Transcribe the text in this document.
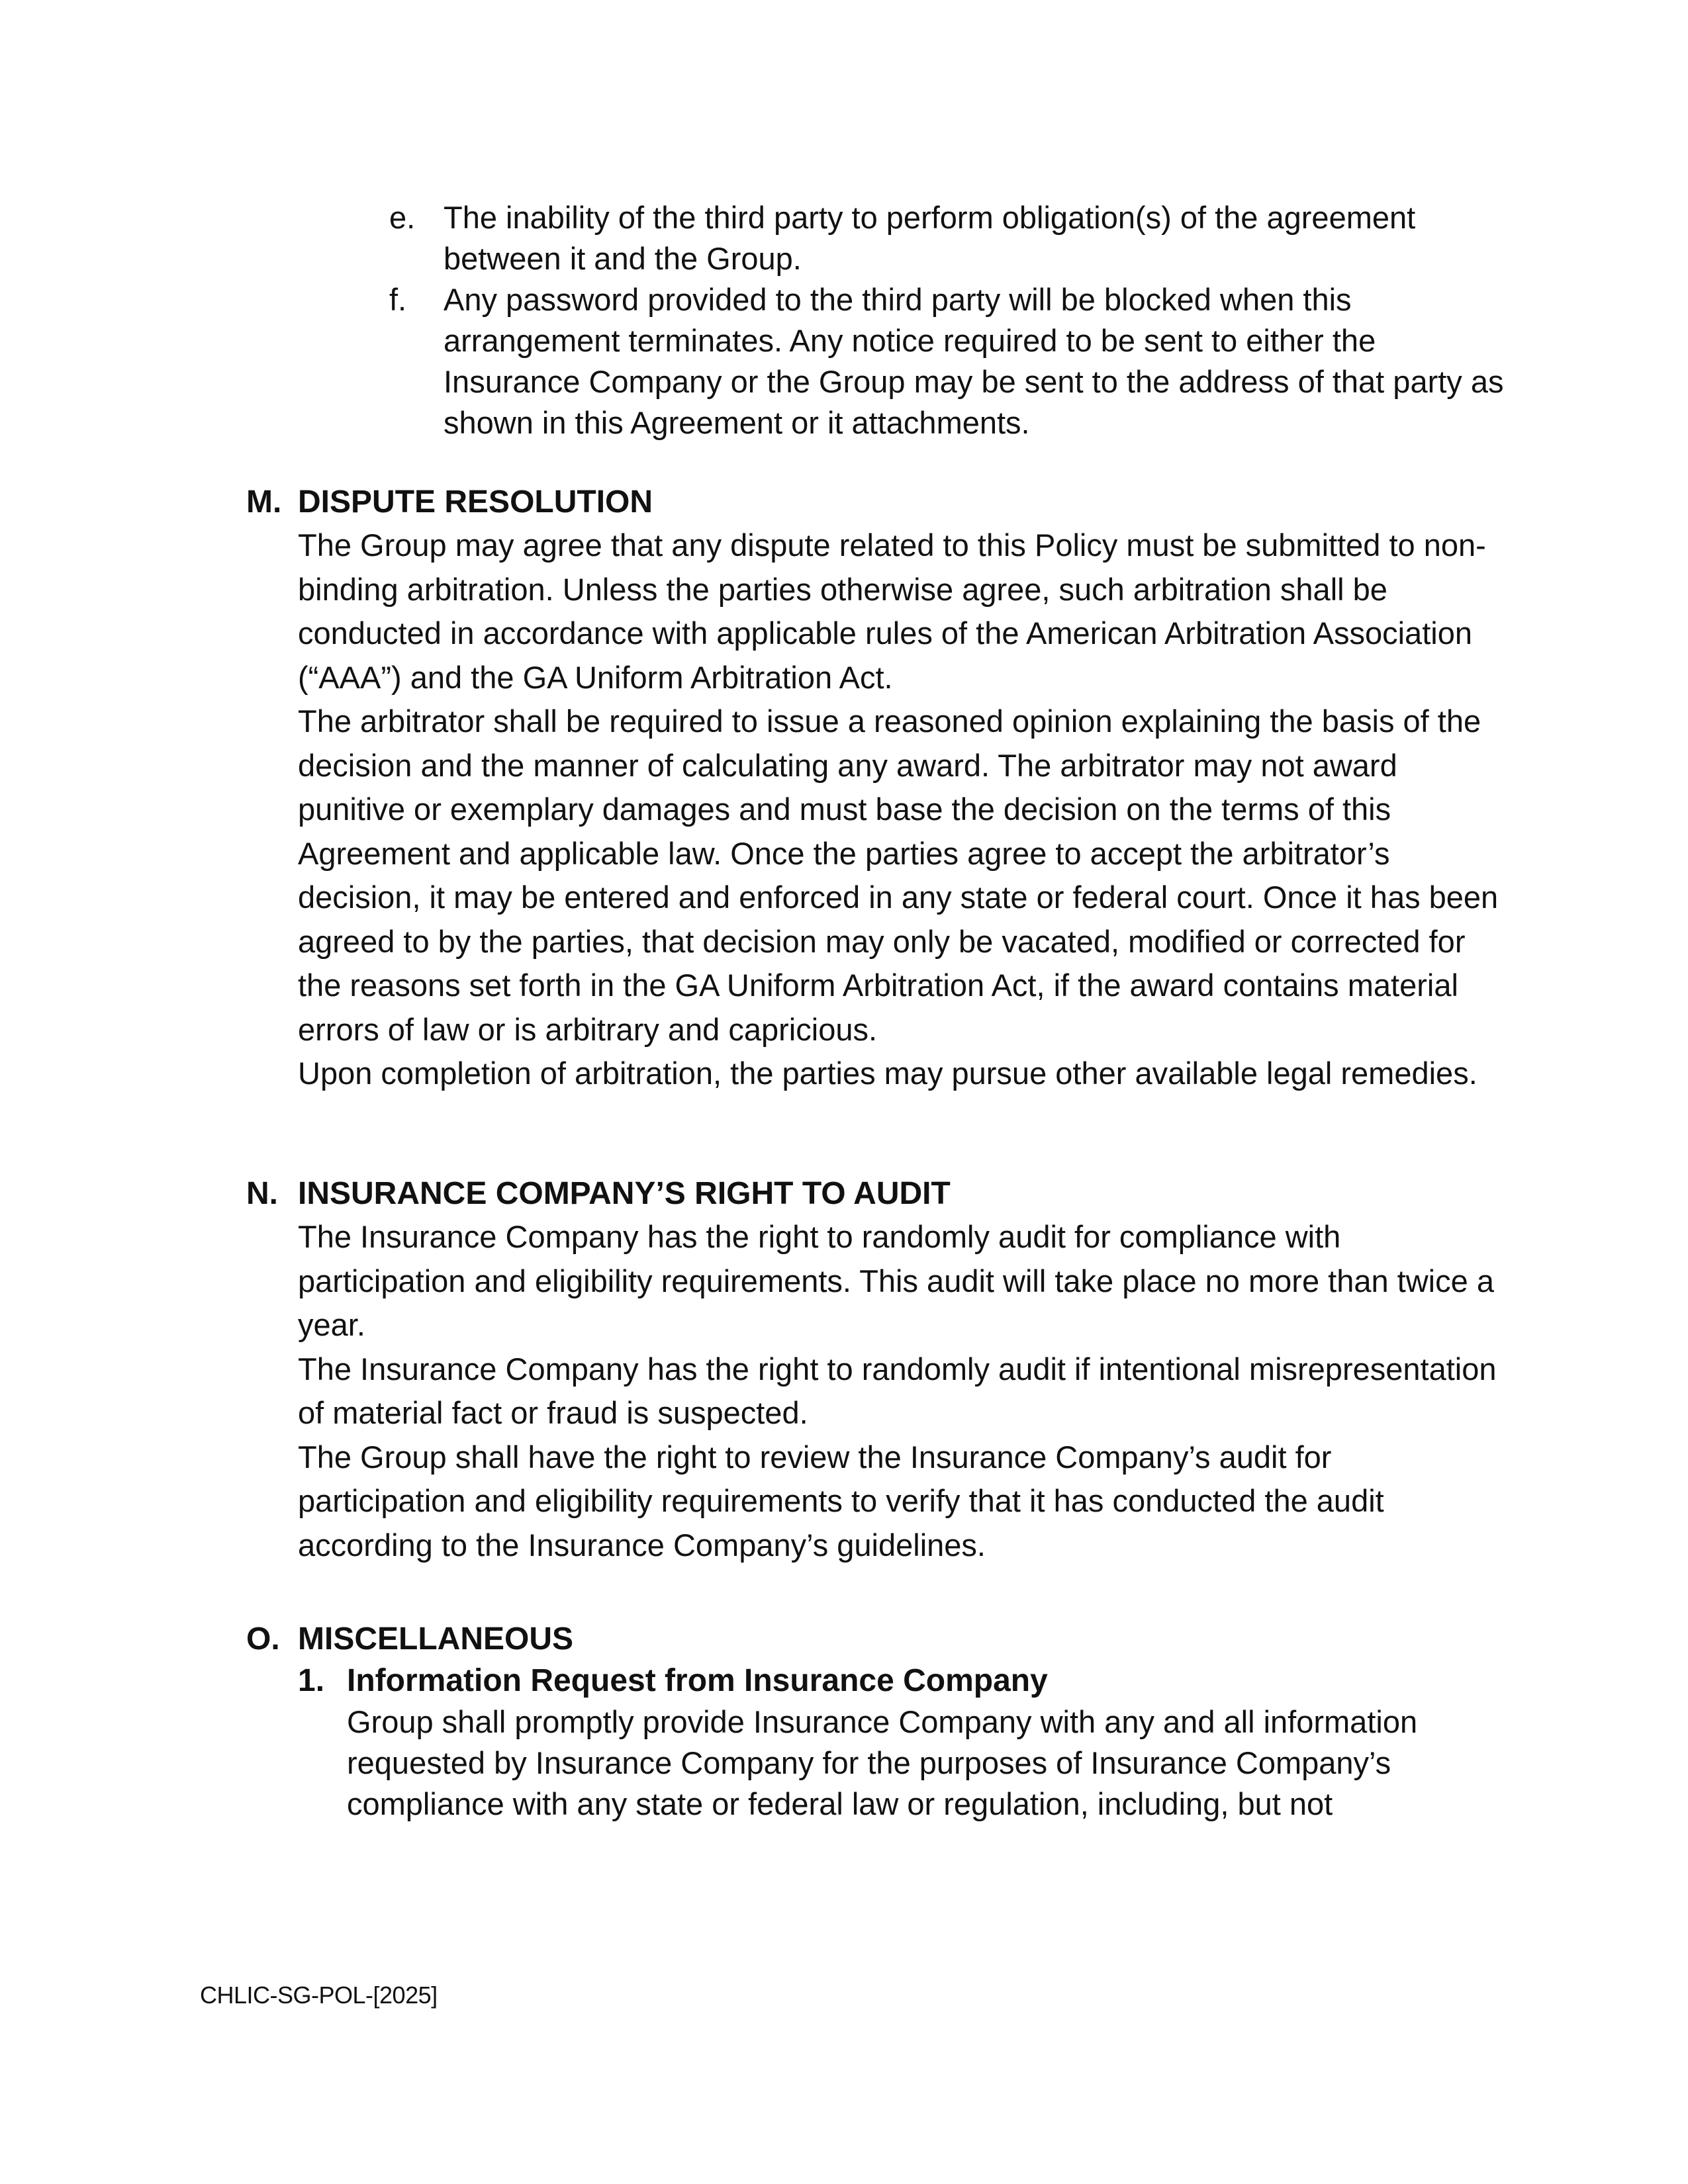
e. The inability of the third party to perform obligation(s) of the agreement between it and the Group.
f.	Any password provided to the third party will be blocked when this arrangement terminates. Any notice required to be sent to either the Insurance Company or the Group may be sent to the address of that party as shown in this Agreement or it attachments.
M. DISPUTE RESOLUTION

The Group may agree that any dispute related to this Policy must be submitted to non-binding arbitration. Unless the parties otherwise agree, such arbitration shall be conducted in accordance with applicable rules of the American Arbitration Association (“AAA”) and the GA Uniform Arbitration Act.

The arbitrator shall be required to issue a reasoned opinion explaining the basis of the decision and the manner of calculating any award. The arbitrator may not award punitive or exemplary damages and must base the decision on the terms of this Agreement and applicable law. Once the parties agree to accept the arbitrator’s decision, it may be entered and enforced in any state or federal court. Once it has been agreed to by the parties, that decision may only be vacated, modified or corrected for the reasons set forth in the GA Uniform Arbitration Act, if the award contains material errors of law or is arbitrary and capricious.

Upon completion of arbitration, the parties may pursue other available legal remedies.

N. INSURANCE COMPANY’S RIGHT TO AUDIT

The Insurance Company has the right to randomly audit for compliance with participation and eligibility requirements. This audit will take place no more than twice a year.

The Insurance Company has the right to randomly audit if intentional misrepresentation of material fact or fraud is suspected.

The Group shall have the right to review the Insurance Company’s audit for participation and eligibility requirements to verify that it has conducted the audit according to the Insurance Company’s guidelines.

O. MISCELLANEOUS
1. Information Request from Insurance Company
Group shall promptly provide Insurance Company with any and all information requested by Insurance Company for the purposes of Insurance Company’s compliance with any state or federal law or regulation, including, but not
CHLIC-SG-POL-[2025]
